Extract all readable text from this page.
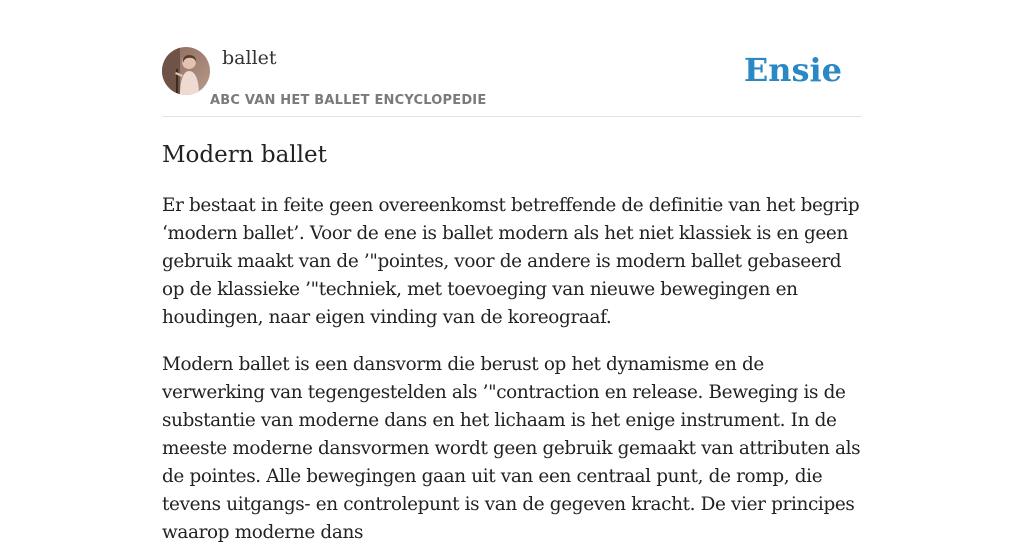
ballet
ABC VAN HET BALLET ENCYCLOPEDIE
Ensie
Modern ballet

Er bestaat in feite geen overeenkomst betreffende de definitie van het begrip ‘modern ballet’. Voor de ene is ballet modern als het niet klassiek is en geen gebruik maakt van de ’"pointes, voor de andere is modern ballet gebaseerd op de klassieke ’"techniek, met toevoeging van nieuwe bewegingen en houdingen, naar eigen vinding van de koreograaf.

Modern ballet is een dansvorm die berust op het dynamisme en de verwerking van tegengestelden als ’"contraction en release. Beweging is de substantie van moderne dans en het lichaam is het enige instrument. In de meeste moderne dansvormen wordt geen gebruik gemaakt van attributen als de pointes. Alle bewegingen gaan uit van een centraal punt, de romp, die tevens uitgangs- en controlepunt is van de gegeven kracht. De vier principes waarop moderne dans
